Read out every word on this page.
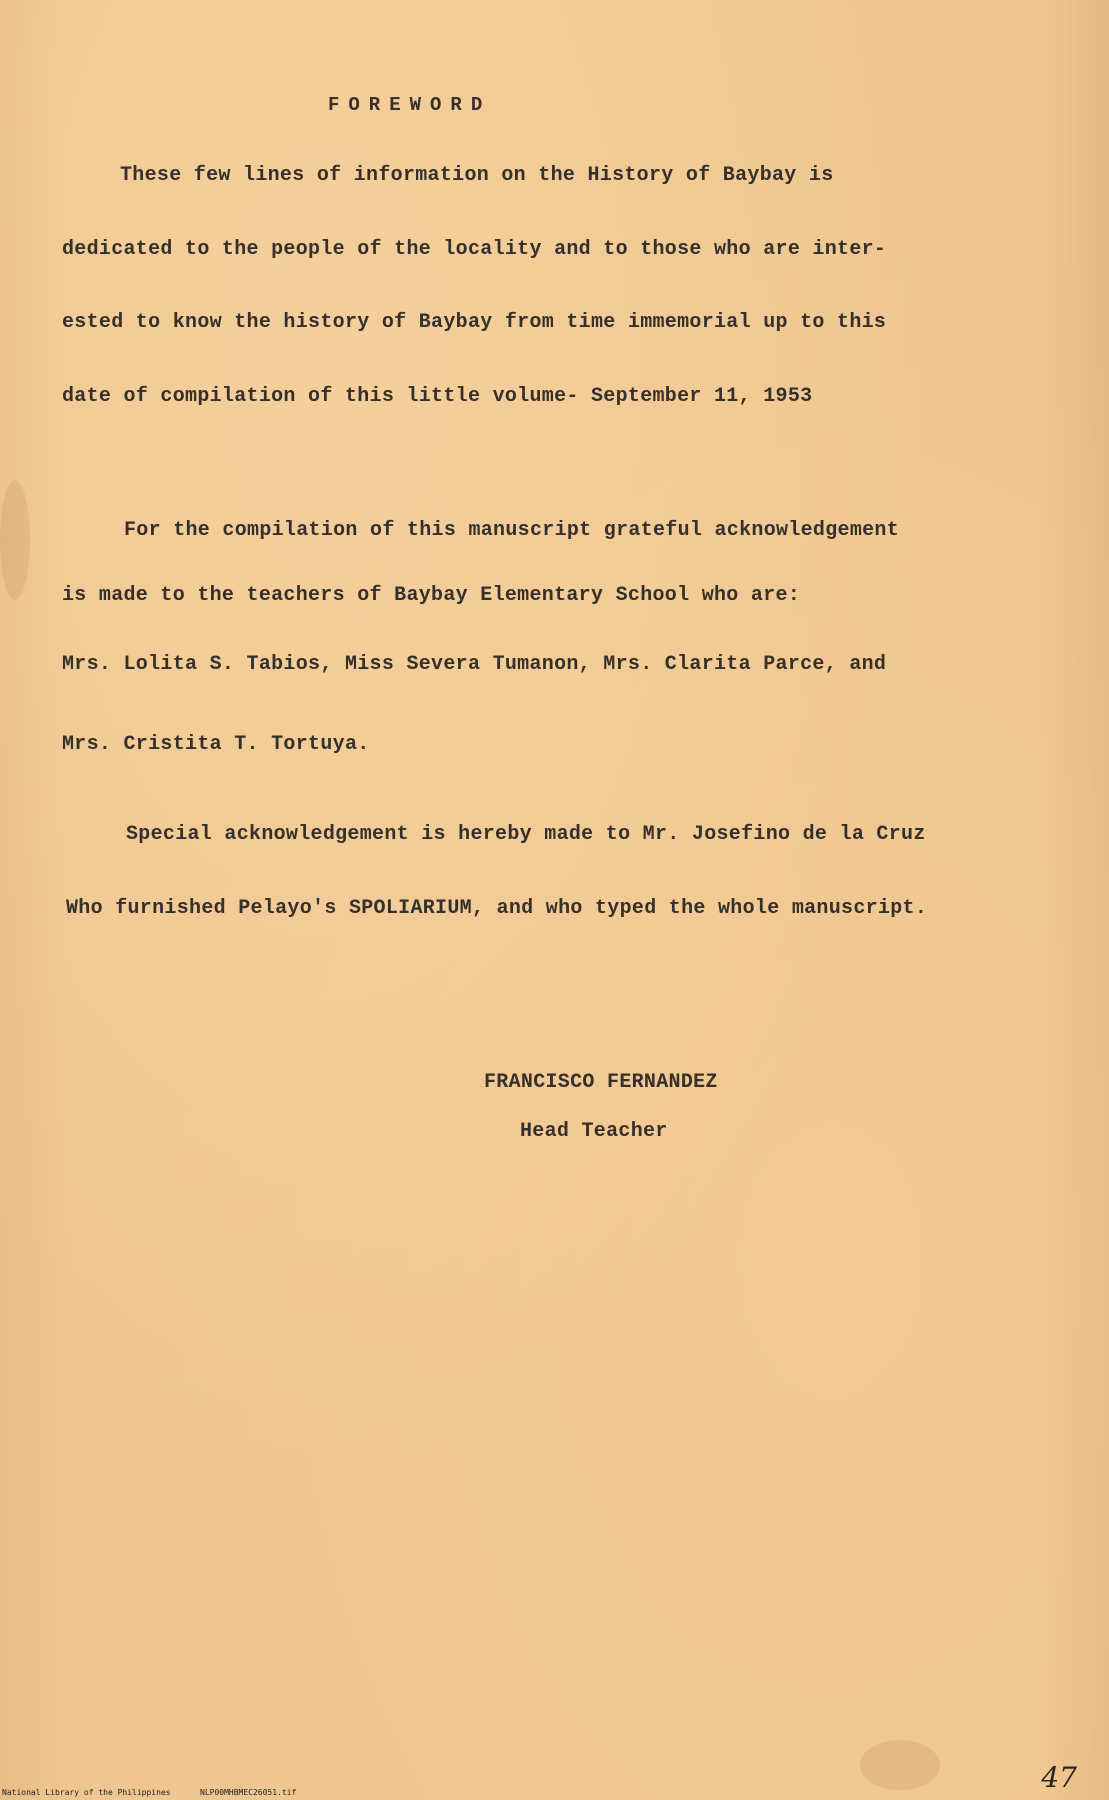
FOREWORD
These few lines of information on the History of Baybay is
dedicated to the people of the locality and to those who are inter-
ested to know the history of Baybay from time immemorial up to this
date of compilation of this little volume- September 11, 1953
For the compilation of this manuscript grateful acknowledgement
is made to the teachers of Baybay Elementary School who are:
Mrs. Lolita S. Tabios, Miss Severa Tumanon, Mrs. Clarita Parce, and
Mrs. Cristita T. Tortuya.
Special acknowledgement is hereby made to Mr. Josefino de la Cruz
Who furnished Pelayo's SPOLIARIUM, and who typed the whole manuscript.
FRANCISCO FERNANDEZ
Head Teacher
National Library of the Philippines	NLP00MHBMEC26051.tif	47
